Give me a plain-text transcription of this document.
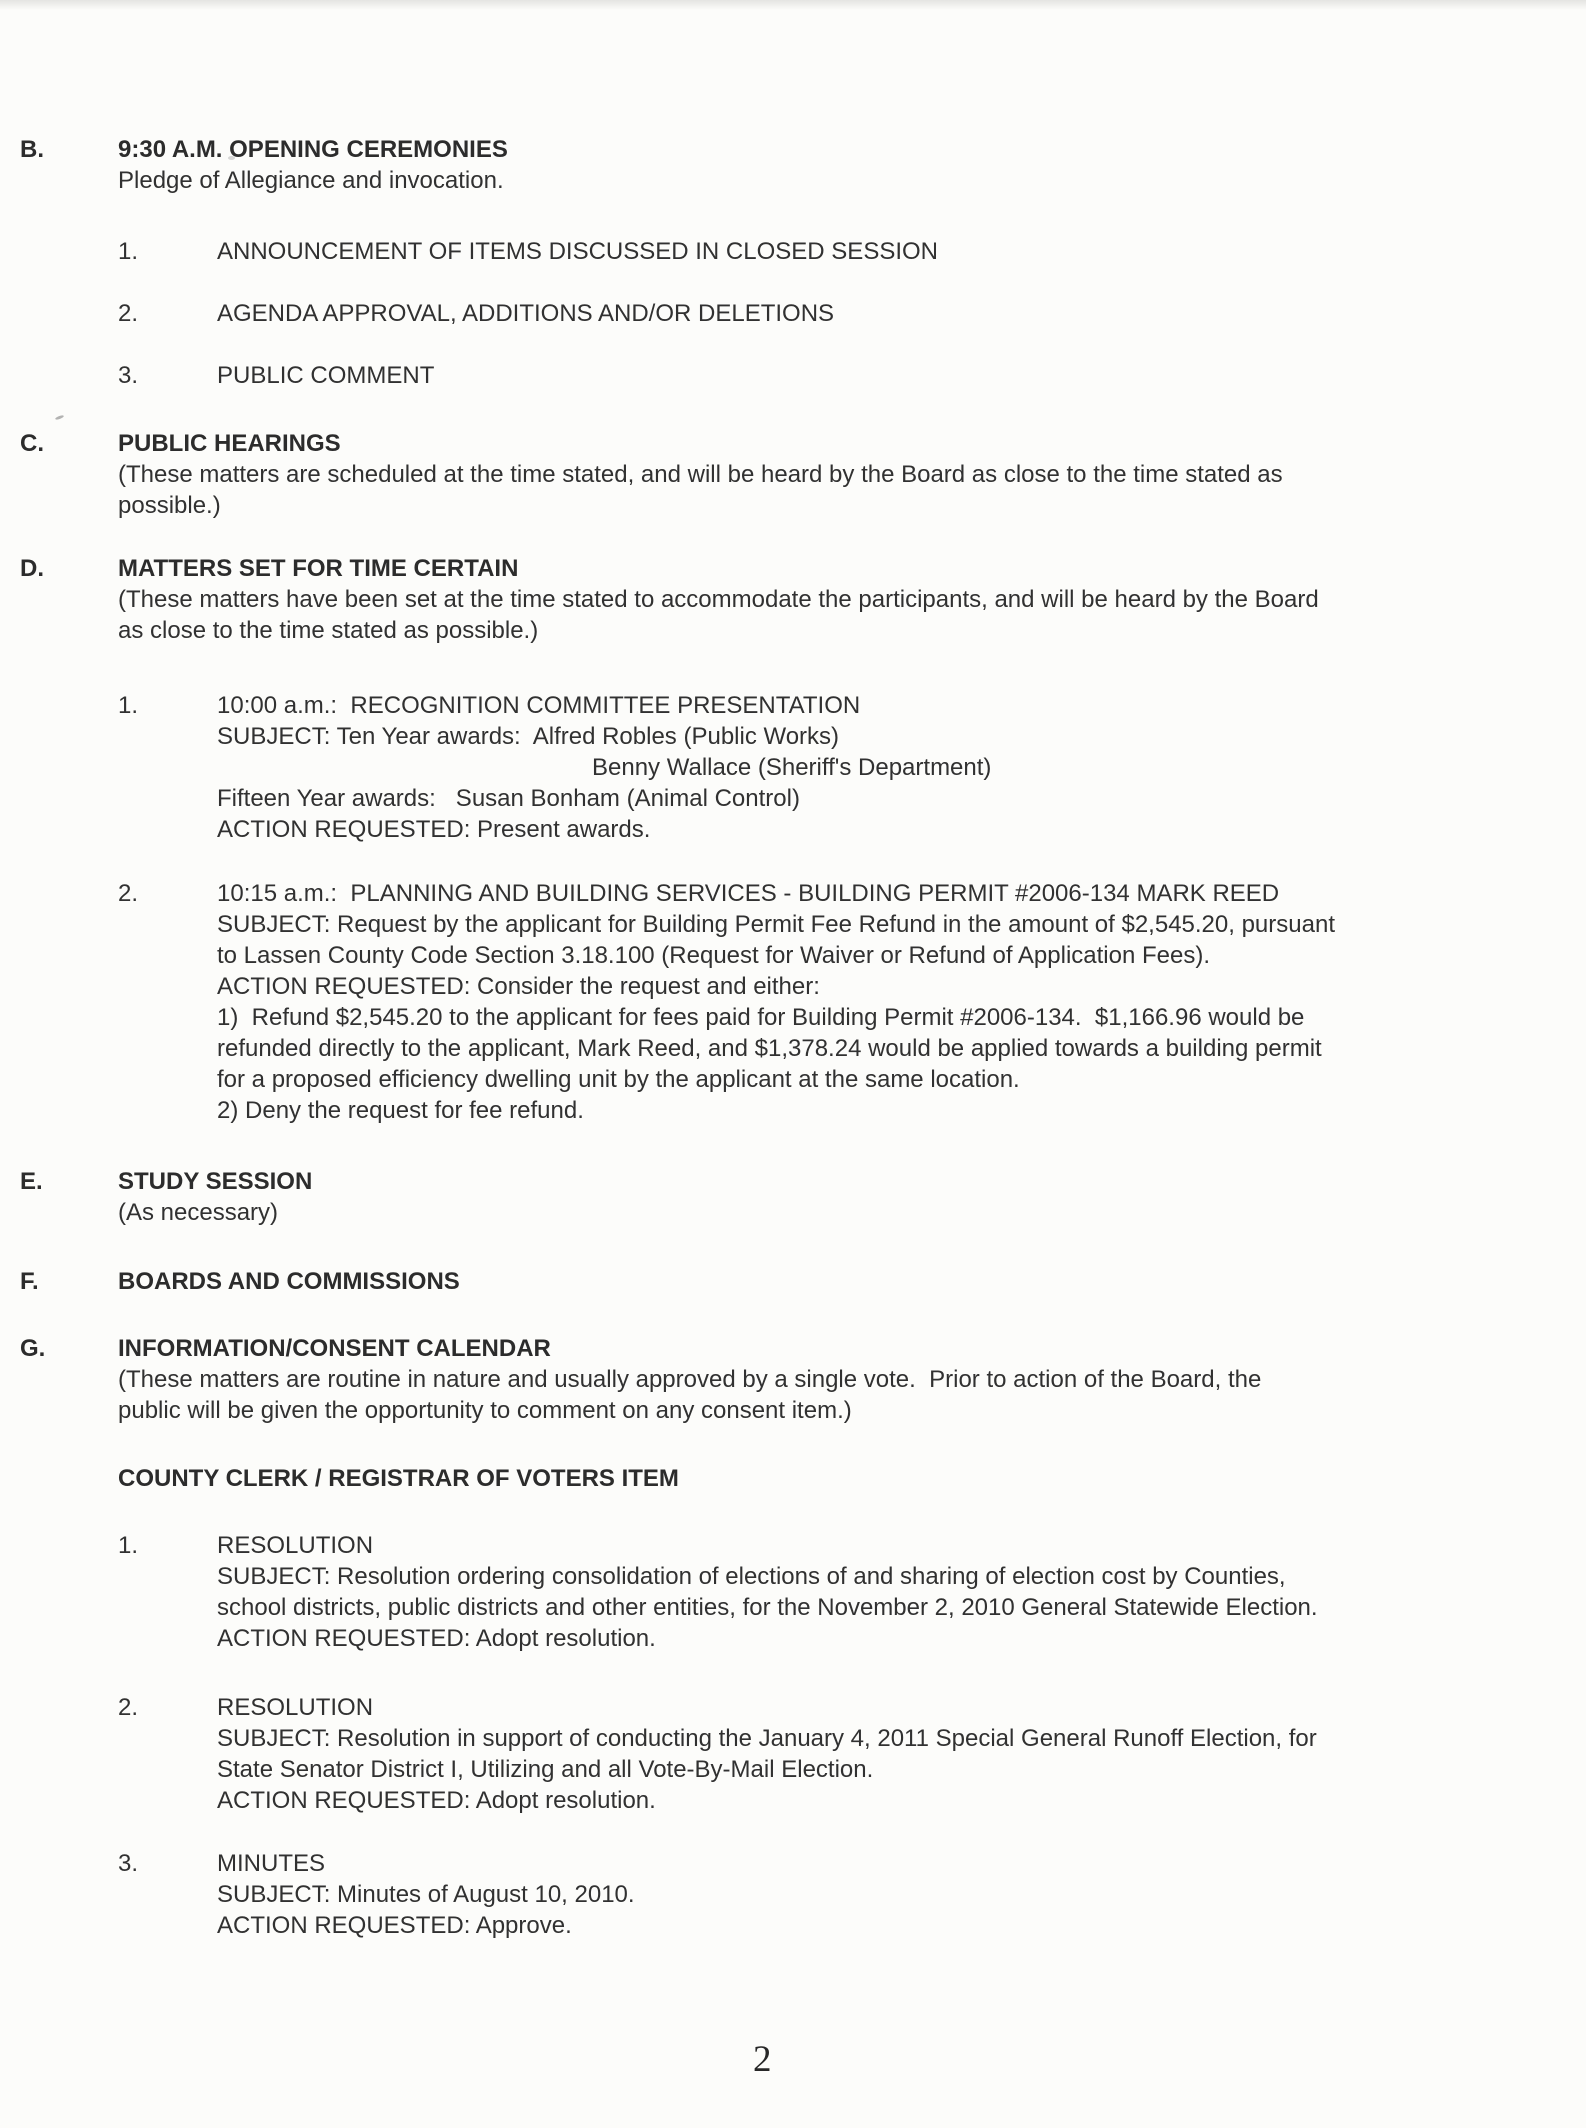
B.	9:30 A.M. OPENING CEREMONIES
Pledge of Allegiance and invocation.
1.	ANNOUNCEMENT OF ITEMS DISCUSSED IN CLOSED SESSION
2.	AGENDA APPROVAL, ADDITIONS AND/OR DELETIONS
3.	PUBLIC COMMENT
C.	PUBLIC HEARINGS
(These matters are scheduled at the time stated, and will be heard by the Board as close to the time stated as
possible.)
D.	MATTERS SET FOR TIME CERTAIN
(These matters have been set at the time stated to accommodate the participants, and will be heard by the Board
as close to the time stated as possible.)
1.	10:00 a.m.:  RECOGNITION COMMITTEE PRESENTATION
SUBJECT: Ten Year awards:  Alfred Robles (Public Works)
Benny Wallace (Sheriff's Department)
Fifteen Year awards:   Susan Bonham (Animal Control)
ACTION REQUESTED: Present awards.
2.	10:15 a.m.:  PLANNING AND BUILDING SERVICES - BUILDING PERMIT #2006-134 MARK REED
SUBJECT: Request by the applicant for Building Permit Fee Refund in the amount of $2,545.20, pursuant
to Lassen County Code Section 3.18.100 (Request for Waiver or Refund of Application Fees).
ACTION REQUESTED: Consider the request and either:
1)  Refund $2,545.20 to the applicant for fees paid for Building Permit #2006-134.  $1,166.96 would be
refunded directly to the applicant, Mark Reed, and $1,378.24 would be applied towards a building permit
for a proposed efficiency dwelling unit by the applicant at the same location.
2) Deny the request for fee refund.
E.	STUDY SESSION
(As necessary)
F.	BOARDS AND COMMISSIONS
G.	INFORMATION/CONSENT CALENDAR
(These matters are routine in nature and usually approved by a single vote.  Prior to action of the Board, the
public will be given the opportunity to comment on any consent item.)
COUNTY CLERK / REGISTRAR OF VOTERS ITEM
1.	RESOLUTION
SUBJECT: Resolution ordering consolidation of elections of and sharing of election cost by Counties,
school districts, public districts and other entities, for the November 2, 2010 General Statewide Election.
ACTION REQUESTED: Adopt resolution.
2.	RESOLUTION
SUBJECT: Resolution in support of conducting the January 4, 2011 Special General Runoff Election, for
State Senator District I, Utilizing and all Vote-By-Mail Election.
ACTION REQUESTED: Adopt resolution.
3.	MINUTES
SUBJECT: Minutes of August 10, 2010.
ACTION REQUESTED: Approve.
2
